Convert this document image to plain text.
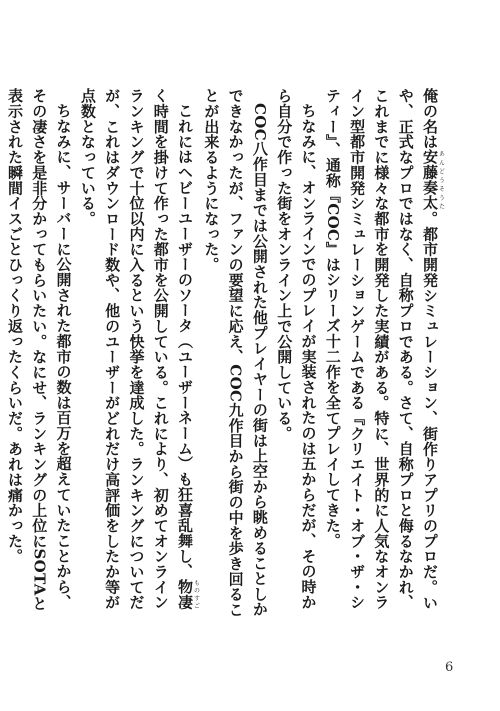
俺の名は安藤奏太あんどうそうた。都市開発シミュレーション、街作りアプリのプロだ。いや、正式なプロではなく、自称プロである。さて、自称プロと侮るなかれ、これまでに様々な都市を開発した実績がある。特に、世界的に人気なオンライン型都市開発シミュレーションゲームである『クリエイト・オブ・ザ・シティー』、通称『COC』はシリーズ十二作を全てプレイしてきた。

ちなみに、オンラインでのプレイが実装されたのは五からだが、その時から自分で作った街をオンライン上で公開している。

COC八作目までは公開された他プレイヤーの街は上空から眺めることしかできなかったが、ファンの要望に応え、COC九作目から街の中を歩き回ることが出来るようになった。

これにはヘビーユーザーのソータ（ユーザーネーム）も狂喜乱舞し、物凄ものすごく時間を掛けて作った都市を公開している。これにより、初めてオンラインランキングで十位以内に入るという快挙を達成した。ランキングについてだが、これはダウンロード数や、他のユーザーがどれだけ高評価をしたか等が点数となっている。

ちなみに、サーバーに公開された都市の数は百万を超えていたことから、その凄さを是非分かってもらいたい。なにせ、ランキングの上位にSOTAと表示された瞬間イスごとひっくり返ったくらいだ。あれは痛かった。

6
